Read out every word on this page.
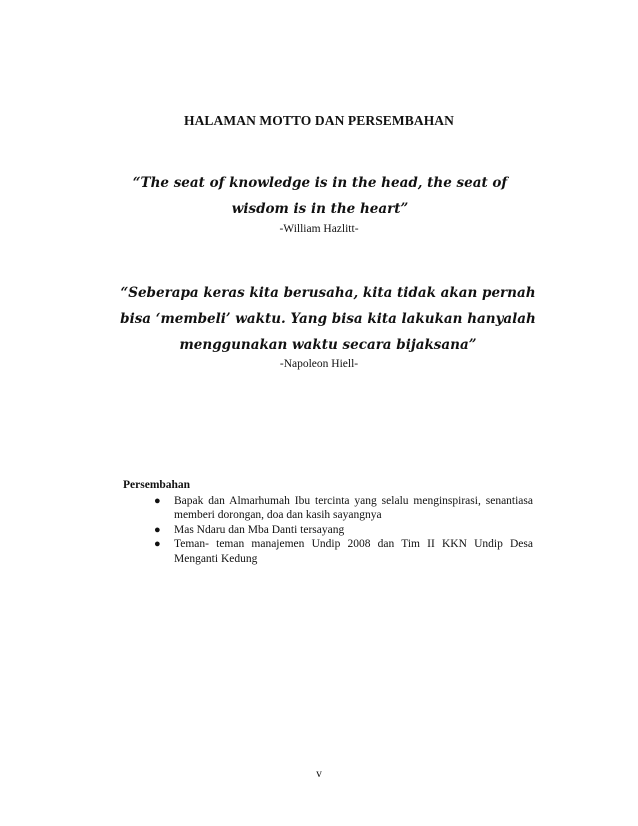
HALAMAN MOTTO DAN PERSEMBAHAN
“The seat of knowledge is in the head, the seat of wisdom is in the heart”
-William Hazlitt-
“Seberapa keras kita berusaha, kita tidak akan pernah bisa ‘membeli’ waktu. Yang bisa kita lakukan hanyalah menggunakan waktu secara bijaksana”
-Napoleon Hiell-
Persembahan
● Bapak dan Almarhumah Ibu tercinta yang selalu menginspirasi, senantiasa memberi dorongan, doa dan kasih sayangnya
● Mas Ndaru dan Mba Danti tersayang
● Teman- teman manajemen Undip 2008 dan Tim II KKN Undip Desa Menganti Kedung
v
